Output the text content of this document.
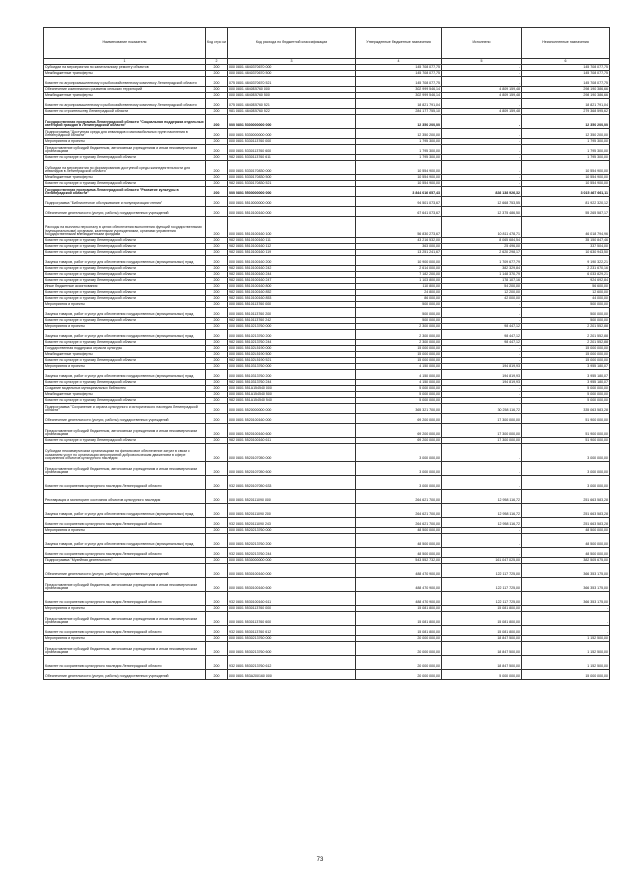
Наименование показателя	Код стро ки	Код расхода по бюджетной классификации	Утвержденные бюджетные назначения	Исполнено	Неисполненные назначения
1	2	3	4	5	6
Субсидии на мероприятия по капитальному ремонту объектов	200	000 0801 4840370670 000	145 708 077,75	-	145 708 077,75
Межбюджетные трансферты	200	000 0801 4840370670 500	145 708 077,75	-	145 708 077,75
Комитет по агропромышленному и рыбохозяйственному комплексу Ленинградской области	200	075 0801 4840370670 521	145 708 077,75	-	145 708 077,75
Обеспечение комплексного развития сельских территорий	200	000 0801 4840Б5760 000	302 999 546,14	4 809 159,48	298 190 386,66
Межбюджетные трансферты	200	000 0801 4840Б5760 500	302 999 546,14	4 809 159,48	298 190 386,66
Комитет по агропромышленному и рыбохозяйственному комплексу Ленинградской области	200	075 0801 4840Б5760 521	18 821 791,04	-	18 821 791,04
Комитет по строительству Ленинградской области	200	981 0801 4840Б5760 522	284 177 755,10	4 809 159,48	279 368 595,62
Государственная программа Ленинградской области "Социальная поддержка отдельных категорий граждан в Ленинградской области"	200	000 0801 5300000000 000	12 350 200,00	-	12 350 200,00
Подпрограмма "Доступная среда для инвалидов и маломобильных групп населения в Ленинградской области"	200	000 0801 5330000000 000	12 350 200,00	-	12 350 200,00
Мероприятия и проекты	200	000 0801 5330113760 000	1 795 300,00	-	1 795 300,00
Предоставление субсидий бюджетным, автономным учреждениям и иным некоммерческим организациям	200	000 0801 5330113760 600	1 795 300,00	-	1 795 300,00
Комитет по культуре и туризму Ленинградской области	200	982 0801 5330113760 611	1 795 300,00	-	1 795 300,00
Субсидии на мероприятия по формированию доступной среды жизнедеятельности для инвалидов в Ленинградской области	200	000 0801 5330170830 000	10 554 900,00	-	10 554 900,00
Межбюджетные трансферты	200	000 0801 5330170830 500	10 554 900,00	-	10 554 900,00
Комитет по культуре и туризму Ленинградской области	200	982 0801 5330170830 521	10 554 900,00	-	10 554 900,00
Государственная программа Ленинградской области "Развитие культуры в Ленинградской области"	200	000 0801 5500000000 000	3 844 016 657,43	828 138 926,32	3 015 467 661,11
Подпрограмма "Библиотечное обслуживание и популяризация чтения"	200	000 0801 5510000000 000	94 501 073,67	12 668 753,55	81 922 320,12
Обеспечение деятельности (услуги, работы) государственных учреждений	200	000 0801 5510100160 000	67 641 073,67	12 375 486,50	55 265 587,17
Расходы на выплаты персоналу в целях обеспечения выполнения функций государственными (муниципальными) органами, казенными учреждениями, органами управления государственными внебюджетными фондами	200	000 0801 5510100160 100	56 830 273,67	10 811 478,71	46 018 794,96
Комитет по культуре и туризму Ленинградской области	200	982 0801 5510100160 111	43 216 532,00	8 065 684,54	35 150 847,46
Комитет по культуре и туризму Ленинградской области	200	982 0801 5510100160 112	363 000,00	25 496,00	337 504,00
Комитет по культуре и туризму Ленинградской области	200	982 0801 5510100160 119	13 251 241,67	2 620 298,17	10 630 943,50
Закупка товаров, работ и услуг для обеспечения государственных (муниципальных) нужд	200	000 0801 5510100160 200	10 900 000,00	1 709 677,79	9 190 322,21
Комитет по культуре и туризму Ленинградской области	200	982 0801 5510100160 242	2 614 000,00	382 329,84	2 231 670,16
Комитет по культуре и туризму Ленинградской области	200	982 0801 5510100160 244	7 182 200,00	1 148 370,79	6 033 829,21
Комитет по культуре и туризму Ленинградской области	200	982 0801 5510100160 247	1 103 800,00	178 107,16	924 692,84
Иные бюджетные ассигнования	200	000 0801 5510100160 800	110 800,00	54 200,00	56 600,00
Комитет по культуре и туризму Ленинградской области	200	982 0801 5510100160 852	24 800,00	12 200,00	12 600,00
Комитет по культуре и туризму Ленинградской области	200	982 0801 5510100160 853	86 000,00	42 000,00	44 000,00
Мероприятия и проекты	200	000 0801 5510113760 000	500 000,00	-	500 000,00
Закупка товаров, работ и услуг для обеспечения государственных (муниципальных) нужд	200	000 0801 5510113760 200	500 000,00	-	500 000,00
Комитет по культуре и туризму Ленинградской области	200	982 0801 5510113760 242	500 000,00	-	500 000,00
Мероприятия и проекты	200	000 0801 5510213760 000	2 300 000,00	98 447,12	2 201 552,88
Закупка товаров, работ и услуг для обеспечения государственных (муниципальных) нужд	200	000 0801 5510213760 200	2 300 000,00	98 447,12	2 201 552,88
Комитет по культуре и туризму Ленинградской области	200	982 0801 5510213760 244	2 300 000,00	98 447,12	2 201 552,88
Государственная поддержка отрасли культуры	200	000 0801 55102L5190 000	15 000 000,00	-	15 000 000,00
Межбюджетные трансферты	200	000 0801 55102L5190 500	15 000 000,00	-	15 000 000,00
Комитет по культуре и туризму Ленинградской области	200	982 0801 55102L5190 521	15 000 000,00	-	15 000 000,00
Мероприятия и проекты	200	000 0801 5510313760 000	4 150 000,00	194 819,93	3 955 180,07
Закупка товаров, работ и услуг для обеспечения государственных (муниципальных) нужд	200	000 0801 5510313760 200	4 150 000,00	194 819,93	3 955 180,07
Комитет по культуре и туризму Ленинградской области	200	982 0801 5510313760 244	4 150 000,00	194 819,93	3 955 180,07
Создание модельных муниципальных библиотек	200	000 0801 551A154540 000	5 000 000,00	-	5 000 000,00
Межбюджетные трансферты	200	000 0801 551A154540 500	5 000 000,00	-	5 000 000,00
Комитет по культуре и туризму Ленинградской области	200	982 0801 551A154540 540	5 000 000,00	-	5 000 000,00
Подпрограмма "Сохранение и охрана культурного и исторического наследия Ленинградской области"	200	000 0801 5520000000 000	365 321 700,00	30 258 116,72	335 063 583,28
Обеспечение деятельности (услуги, работы) государственных учреждений	200	000 0801 5520100160 000	69 200 000,00	17 300 000,00	51 900 000,00
Предоставление субсидий бюджетным, автономным учреждениям и иным некоммерческим организациям	200	000 0801 5520100160 600	69 200 000,00	17 300 000,00	51 900 000,00
Комитет по культуре и туризму Ленинградской области	200	982 0801 5520100160 611	69 200 000,00	17 300 000,00	51 900 000,00
Субсидии некоммерческим организациям на финансовое обеспечение затрат в связи с оказанием услуг по организации мероприятий добровольческим движением в сфере сохранения объектов культурного наследия	200	000 0801 5520107050 000	3 000 000,00	-	3 000 000,00
Предоставление субсидий бюджетным, автономным учреждениям и иным некоммерческим организациям	200	000 0801 5520107050 600	3 000 000,00	-	3 000 000,00
Комитет по сохранению культурного наследия Ленинградской области	200	932 0801 5520107050 633	3 000 000,00	-	3 000 000,00
Реставрация и мониторинг состояния объектов культурного наследия	200	000 0801 5520111090 000	264 621 700,00	12 958 116,72	251 663 583,28
Закупка товаров, работ и услуг для обеспечения государственных (муниципальных) нужд	200	000 0801 5520111090 200	264 621 700,00	12 958 116,72	251 663 583,28
Комитет по сохранению культурного наследия Ленинградской области	200	932 0801 5520111090 243	264 621 700,00	12 958 116,72	251 663 583,28
Мероприятия и проекты	200	000 0801 5520213760 000	48 500 000,00	-	48 500 000,00
Закупка товаров, работ и услуг для обеспечения государственных (муниципальных) нужд	200	000 0801 5520213760 200	48 500 000,00	-	48 500 000,00
Комитет по сохранению культурного наследия Ленинградской области	200	932 0801 5520213760 244	48 500 000,00	-	48 500 000,00
Подпрограмма "Музейная деятельность"	200	000 0801 5530000000 000	543 552 732,00	161 047 025,00	382 505 675,00
Обеспечение деятельности (услуги, работы) государственных учреждений	200	000 0801 5530100160 000	488 470 900,00	122 117 725,00	366 353 175,00
Предоставление субсидий бюджетным, автономным учреждениям и иным некоммерческим организациям	200	000 0801 5530100160 600	488 470 900,00	122 117 725,00	366 353 175,00
Комитет по сохранению культурного наследия Ленинградской области	200	932 0801 5530100160 611	488 470 900,00	122 117 725,00	366 353 175,00
Мероприятия и проекты	200	000 0801 5530113760 000	15 081 800,00	15 081 800,00	-
Предоставление субсидий бюджетным, автономным учреждениям и иным некоммерческим организациям	200	000 0801 5530113760 600	15 081 800,00	15 081 800,00	-
Комитет по сохранению культурного наследия Ленинградской области	200	932 0801 5530113760 612	15 081 800,00	15 081 800,00	-
Мероприятия и проекты	200	000 0801 5530213760 000	20 000 000,00	18 847 500,00	1 152 500,00
Предоставление субсидий бюджетным, автономным учреждениям и иным некоммерческим организациям	200	000 0801 5530213760 600	20 000 000,00	18 847 500,00	1 152 500,00
Комитет по сохранению культурного наследия Ленинградской области	200	932 0801 5530213760 612	20 000 000,00	18 847 500,00	1 152 500,00
Обеспечение деятельности (услуги, работы) государственных учреждений	200	000 0801 553A200160 000	20 000 000,00	5 000 000,00	15 000 000,00
73
